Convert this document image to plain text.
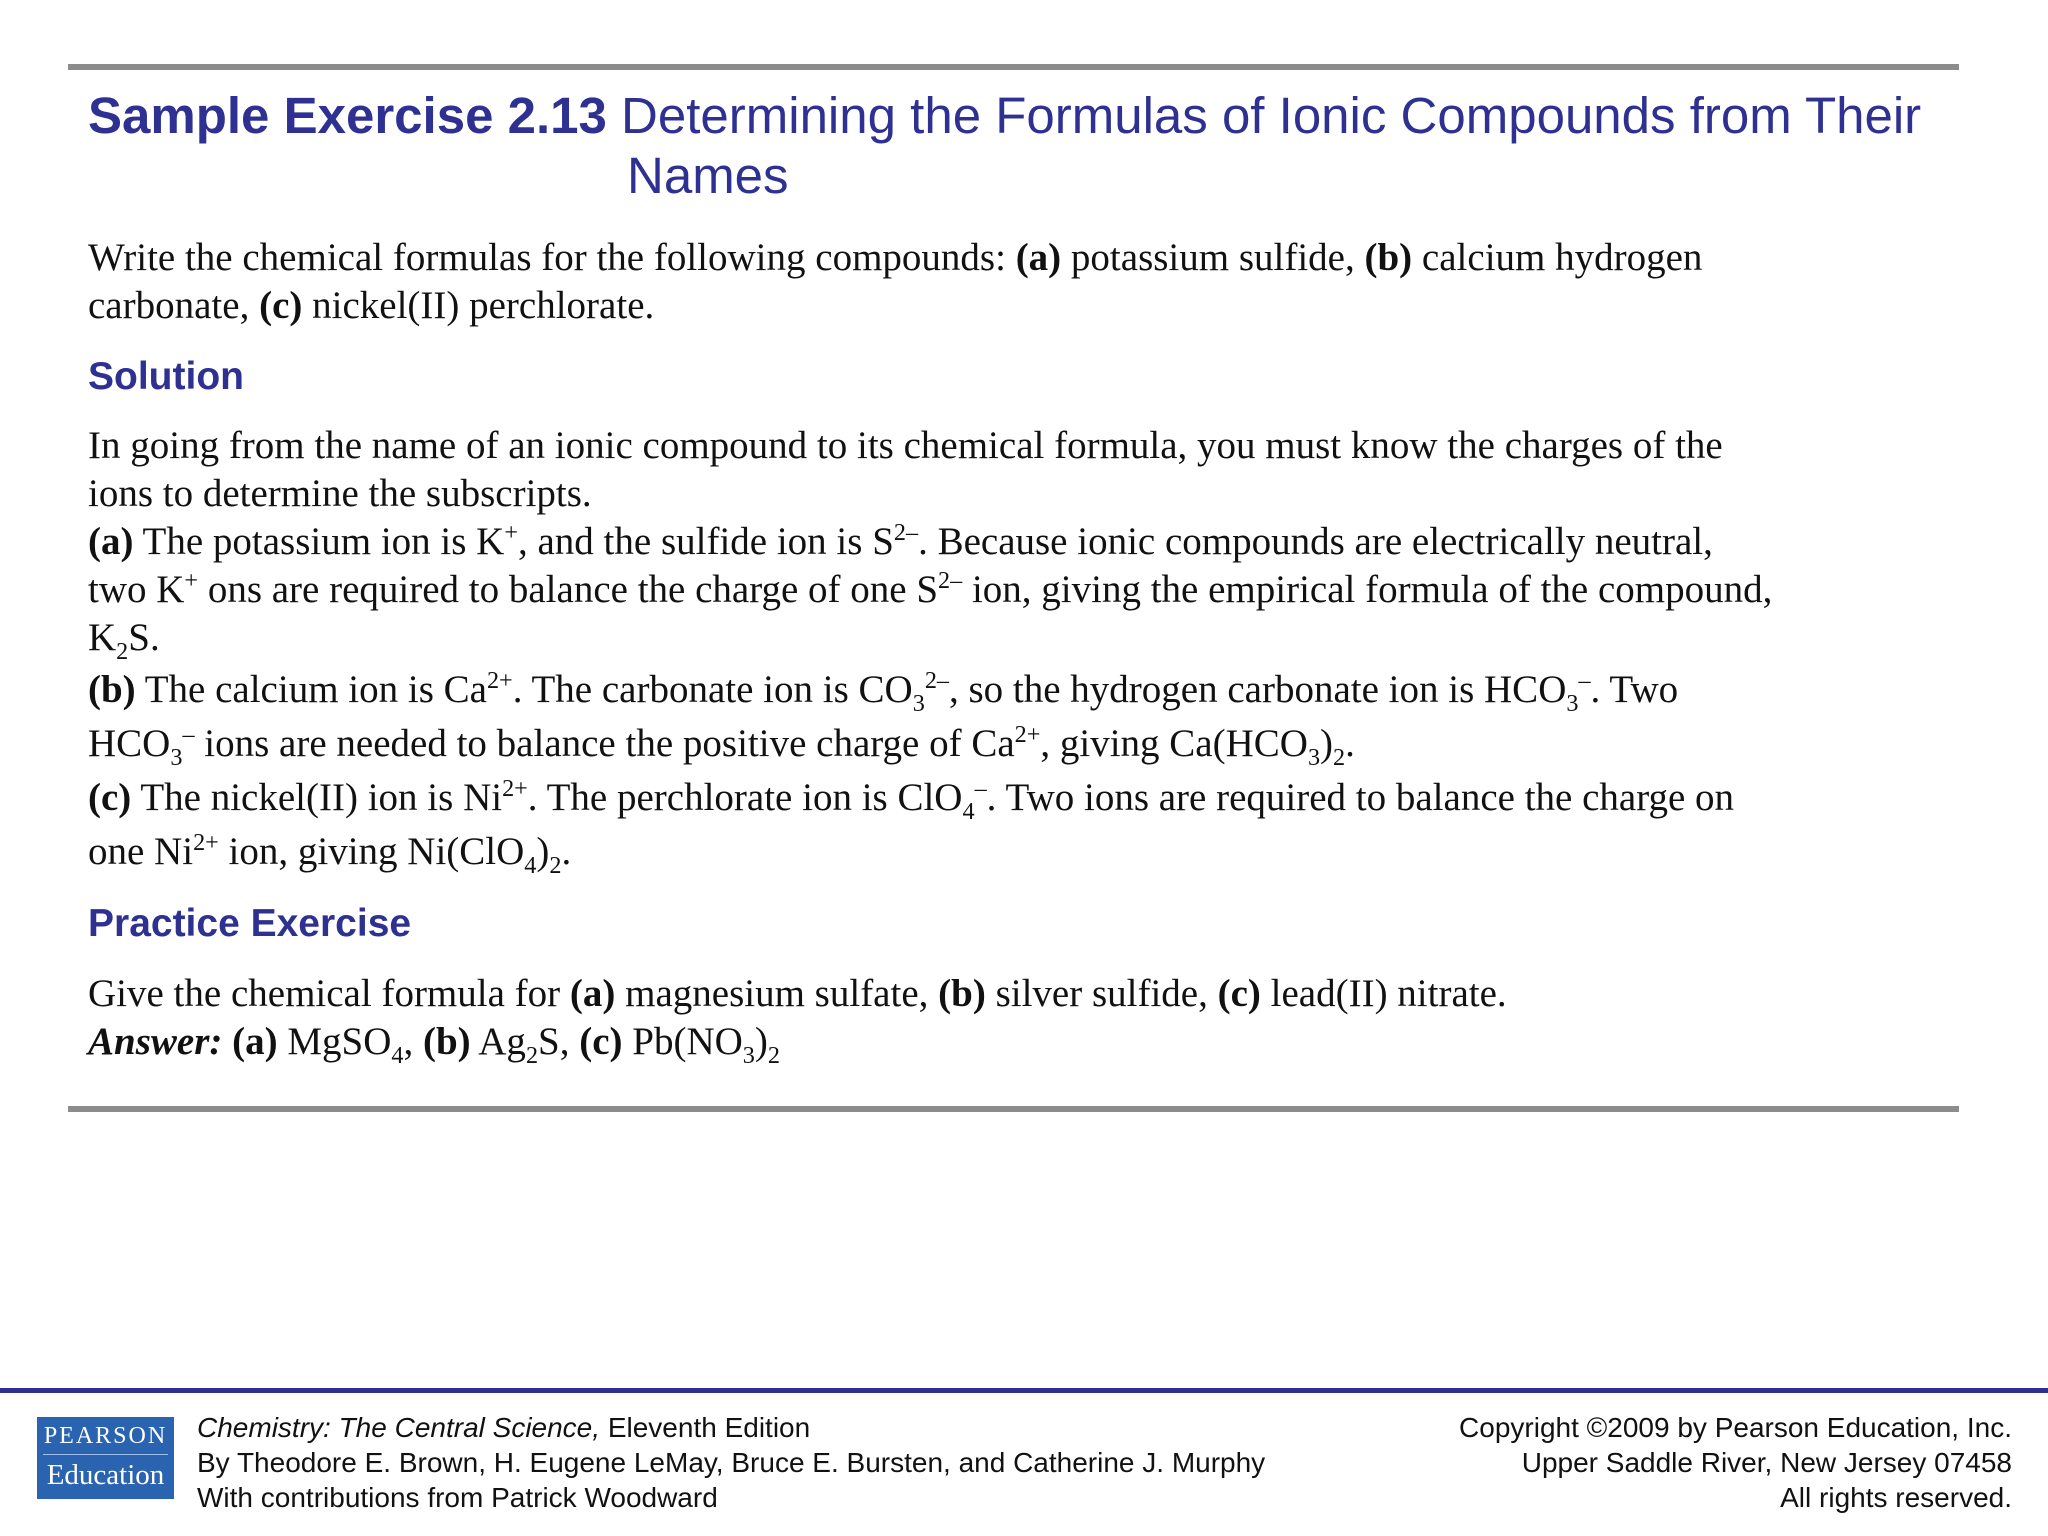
Sample Exercise 2.13 Determining the Formulas of Ionic Compounds from Their
Names
Write the chemical formulas for the following compounds: (a) potassium sulfide, (b) calcium hydrogen
carbonate, (c) nickel(II) perchlorate.
Solution
In going from the name of an ionic compound to its chemical formula, you must know the charges of the
ions to determine the subscripts.
(a) The potassium ion is K+, and the sulfide ion is $S^{2-}$. Because ionic compounds are electrically neutral,
two K+ ons are required to balance the charge of one $S^{2-}$ ion, giving the empirical formula of the compound,
$K_2S$.
(b) The calcium ion is $Ca^{2+}$. The carbonate ion is $CO_3^{2-}$, so the hydrogen carbonate ion is $HCO_3^-$. Two
$HCO_3^-$ ions are needed to balance the positive charge of $Ca^{2+}$, giving $Ca(HCO_3)_2$.
(c) The nickel(II) ion is $Ni^{2+}$. The perchlorate ion is ClO$_4$–. Two ions are required to balance the charge on
one $Ni^{2+}$ ion, giving $Ni(ClO_4)_2$.
Practice Exercise
Give the chemical formula for (a) magnesium sulfate, (b) silver sulfide, (c) lead(II) nitrate.
Answer: (a) MgSO$_4$, (b) $Ag_2S$, (c) $Pb(NO_3)_2$
PEARSON
Education
Chemistry: The Central Science, Eleventh Edition
By Theodore E. Brown, H. Eugene LeMay, Bruce E. Bursten, and Catherine J. Murphy
With contributions from Patrick Woodward
Copyright ©2009 by Pearson Education, Inc.
Upper Saddle River, New Jersey 07458
All rights reserved.
